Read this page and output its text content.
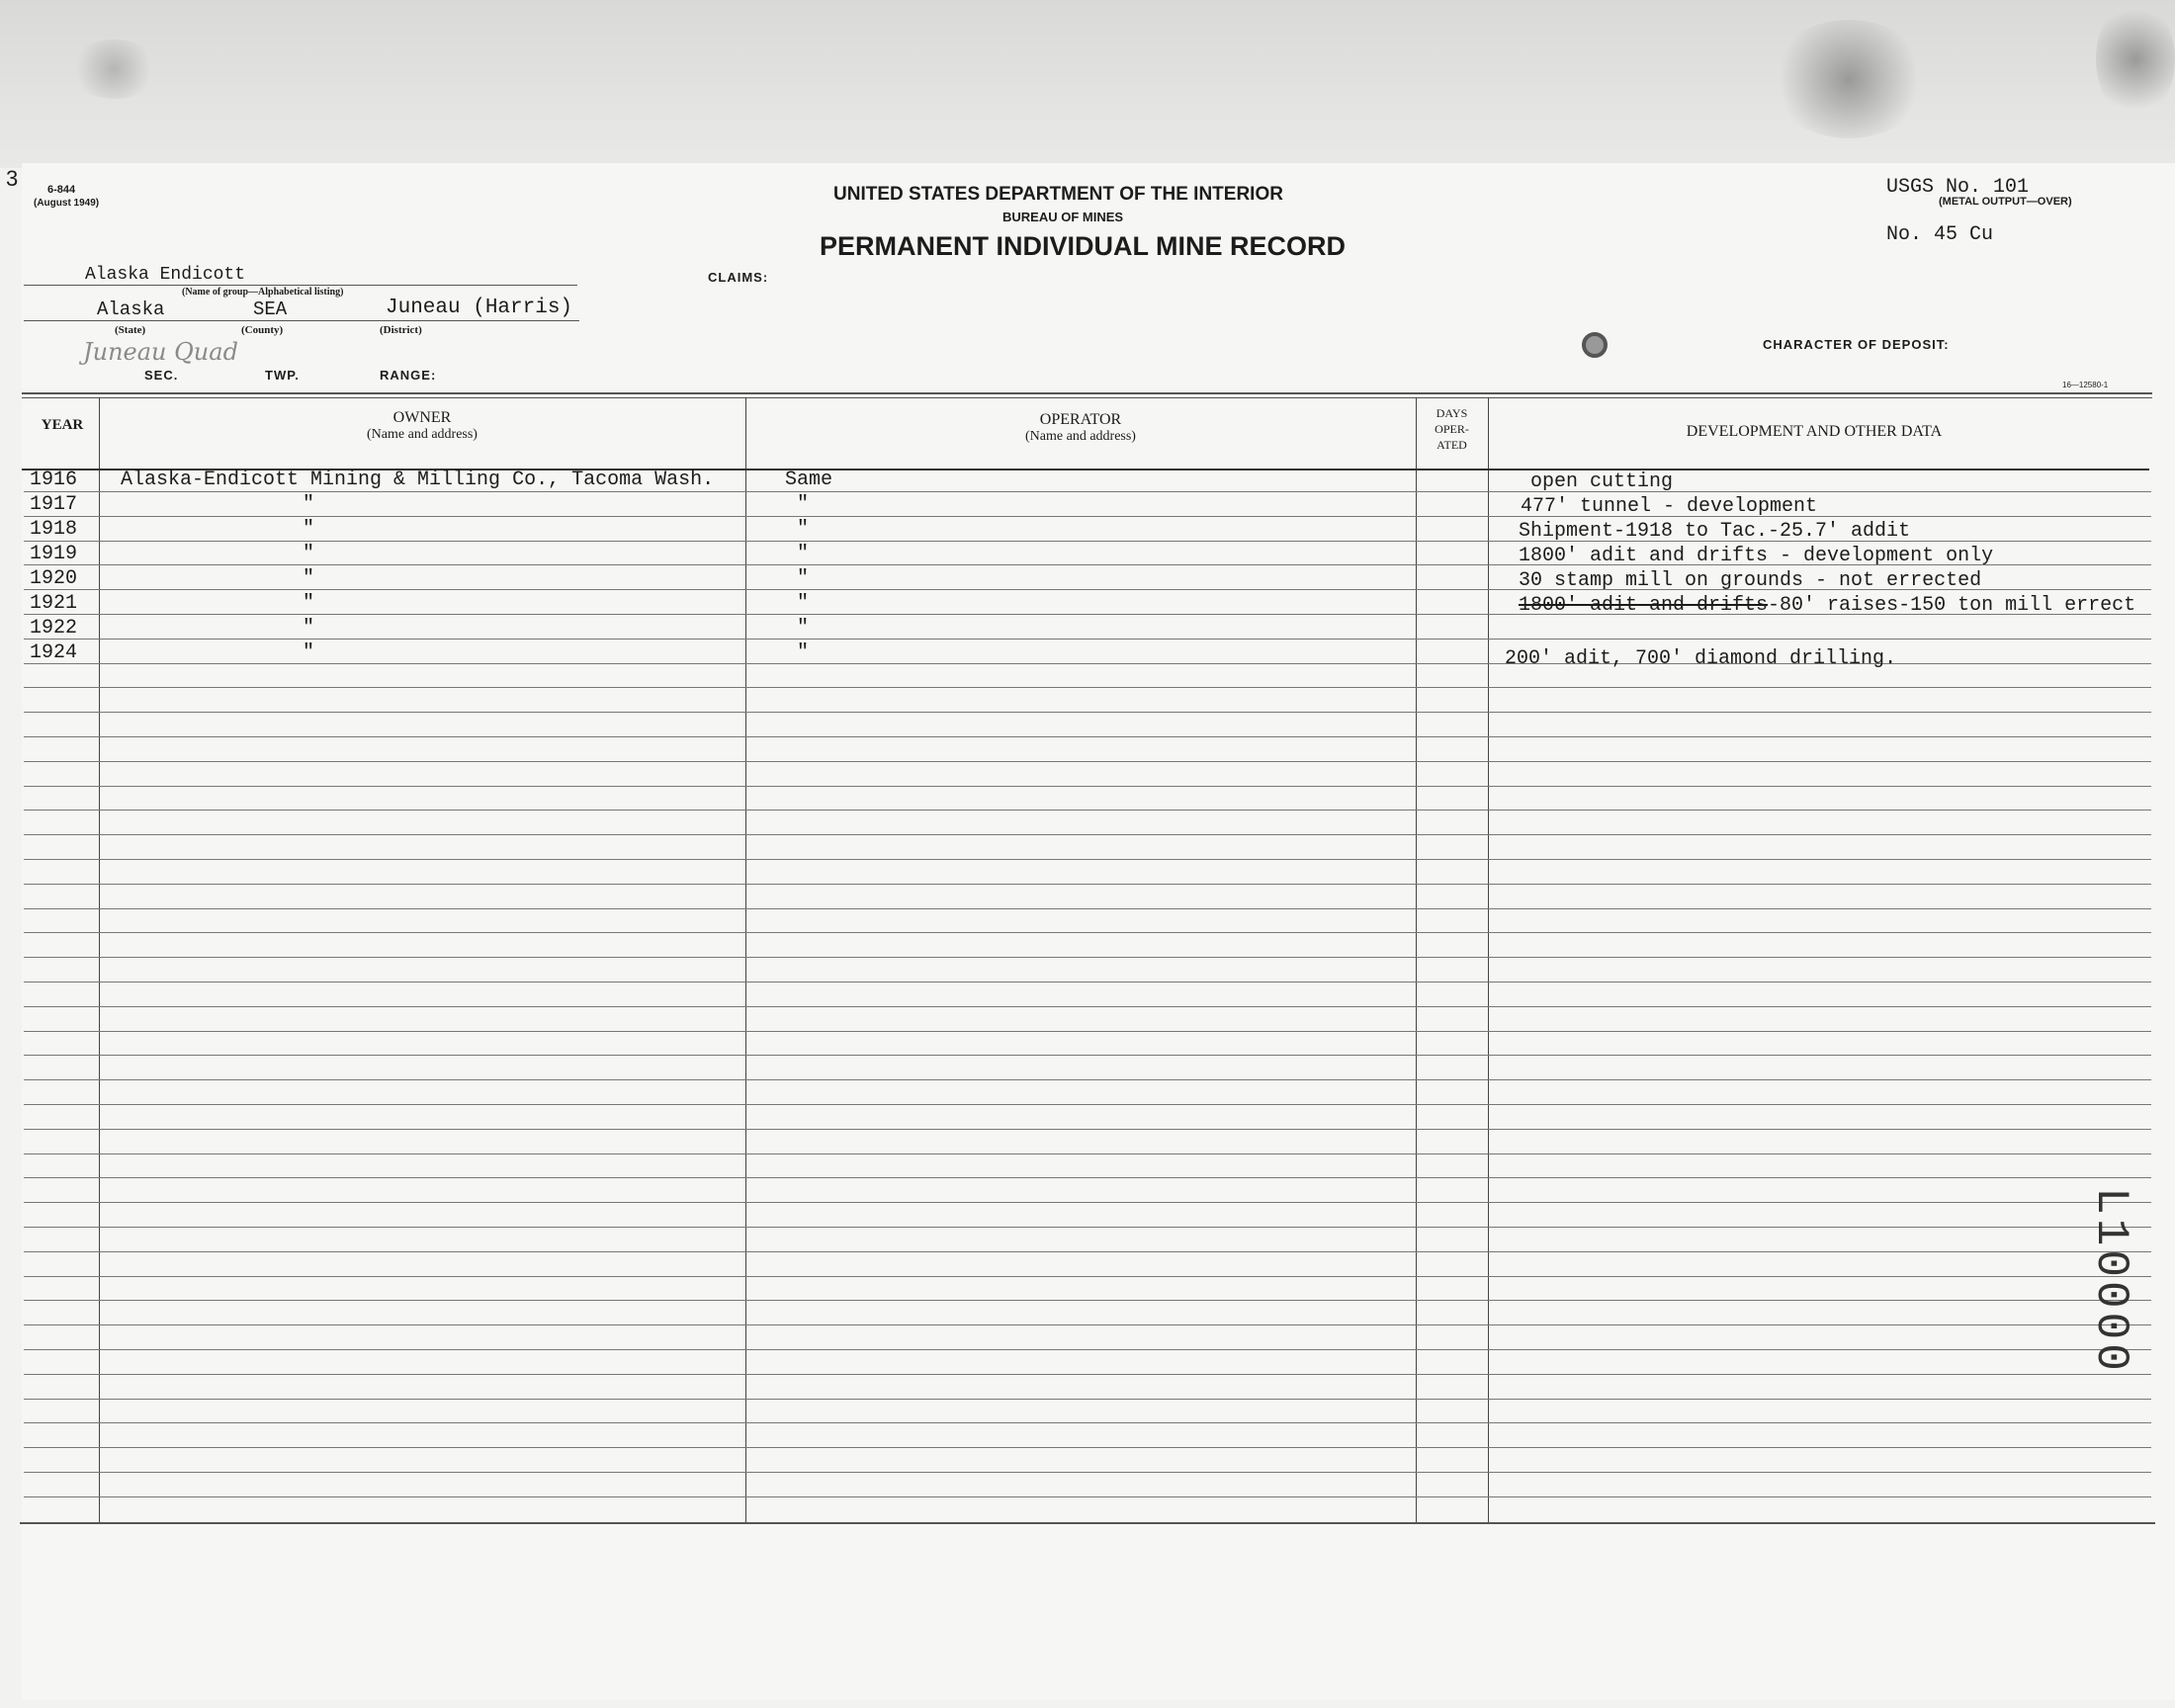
3	6-844
(August 1949)	UNITED STATES DEPARTMENT OF THE INTERIOR
BUREAU OF MINES
PERMANENT INDIVIDUAL MINE RECORD
CLAIMS:
USGS No. 101
(METAL OUTPUT—OVER)
No. 45 Cu
CHARACTER OF DEPOSIT:
16—12580-1
Alaska Endicott
(Name of group—Alphabetical listing)
Alaska	SEA	Juneau (Harris)
(State)	(County)	(District)
Juneau Quad
SEC.	TWP.	RANGE:
YEAR	OWNER
(Name and address)
OPERATOR
(Name and address)
DAYS
OPER-
ATED
DEVELOPMENT AND OTHER DATA
1916 Alaska-Endicott Mining & Milling Co., Tacoma Wash.	Same	open cutting
1917	"	"	477' tunnel - development
1918	"	"	Shipment-1918 to Tac.-25.7' addit
1919	"	"	1800' adit and drifts - development only
1920	"	"	30 stamp mill on grounds - not errected
1921	"	"	1800' adit and drifts-80' raises-150 ton mill errect
1922	"	"
1924	"	"	200' adit, 700' diamond drilling.
L10000
